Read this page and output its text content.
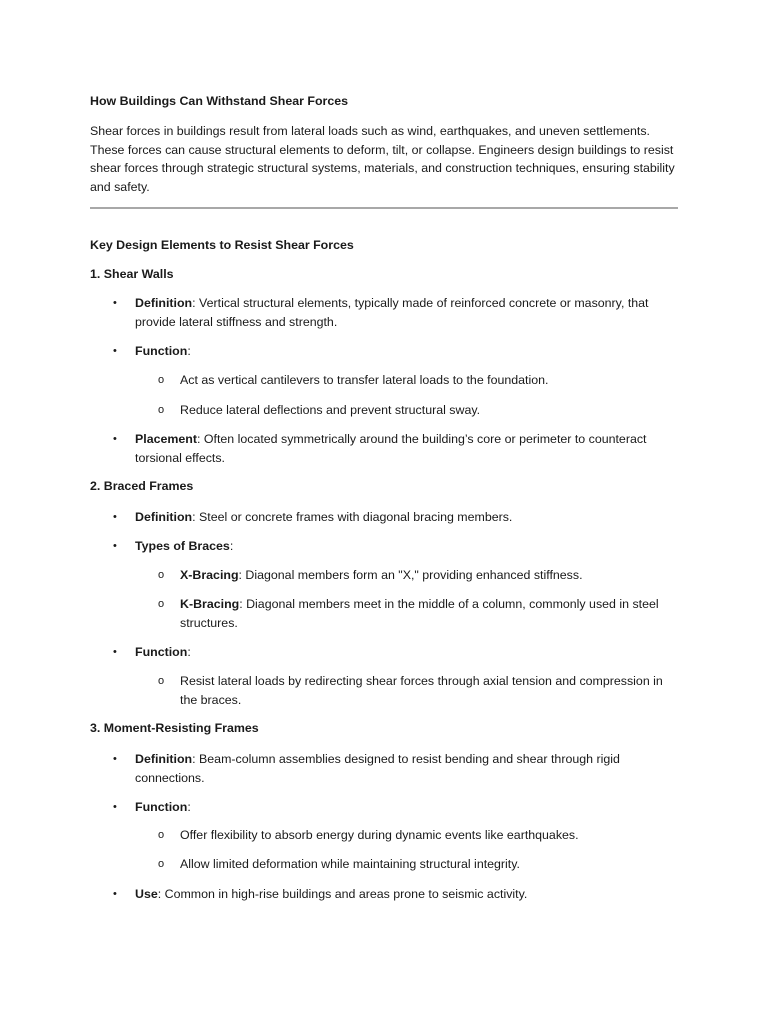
How Buildings Can Withstand Shear Forces

Shear forces in buildings result from lateral loads such as wind, earthquakes, and uneven settlements. These forces can cause structural elements to deform, tilt, or collapse. Engineers design buildings to resist shear forces through strategic structural systems, materials, and construction techniques, ensuring stability and safety.

Key Design Elements to Resist Shear Forces
1. Shear Walls

• Definition: Vertical structural elements, typically made of reinforced concrete or masonry, that provide lateral stiffness and strength.

• Function:

o Act as vertical cantilevers to transfer lateral loads to the foundation.

o Reduce lateral deflections and prevent structural sway.

• Placement: Often located symmetrically around the building’s core or perimeter to counteract torsional effects.

2. Braced Frames

• Definition: Steel or concrete frames with diagonal bracing members.

• Types of Braces:

o X-Bracing: Diagonal members form an "X," providing enhanced stiffness.

o K-Bracing: Diagonal members meet in the middle of a column, commonly used in steel structures.

• Function:

o Resist lateral loads by redirecting shear forces through axial tension and compression in the braces.

3. Moment-Resisting Frames

• Definition: Beam-column assemblies designed to resist bending and shear through rigid connections.

• Function:

o Offer flexibility to absorb energy during dynamic events like earthquakes.

o Allow limited deformation while maintaining structural integrity.

• Use: Common in high-rise buildings and areas prone to seismic activity.
